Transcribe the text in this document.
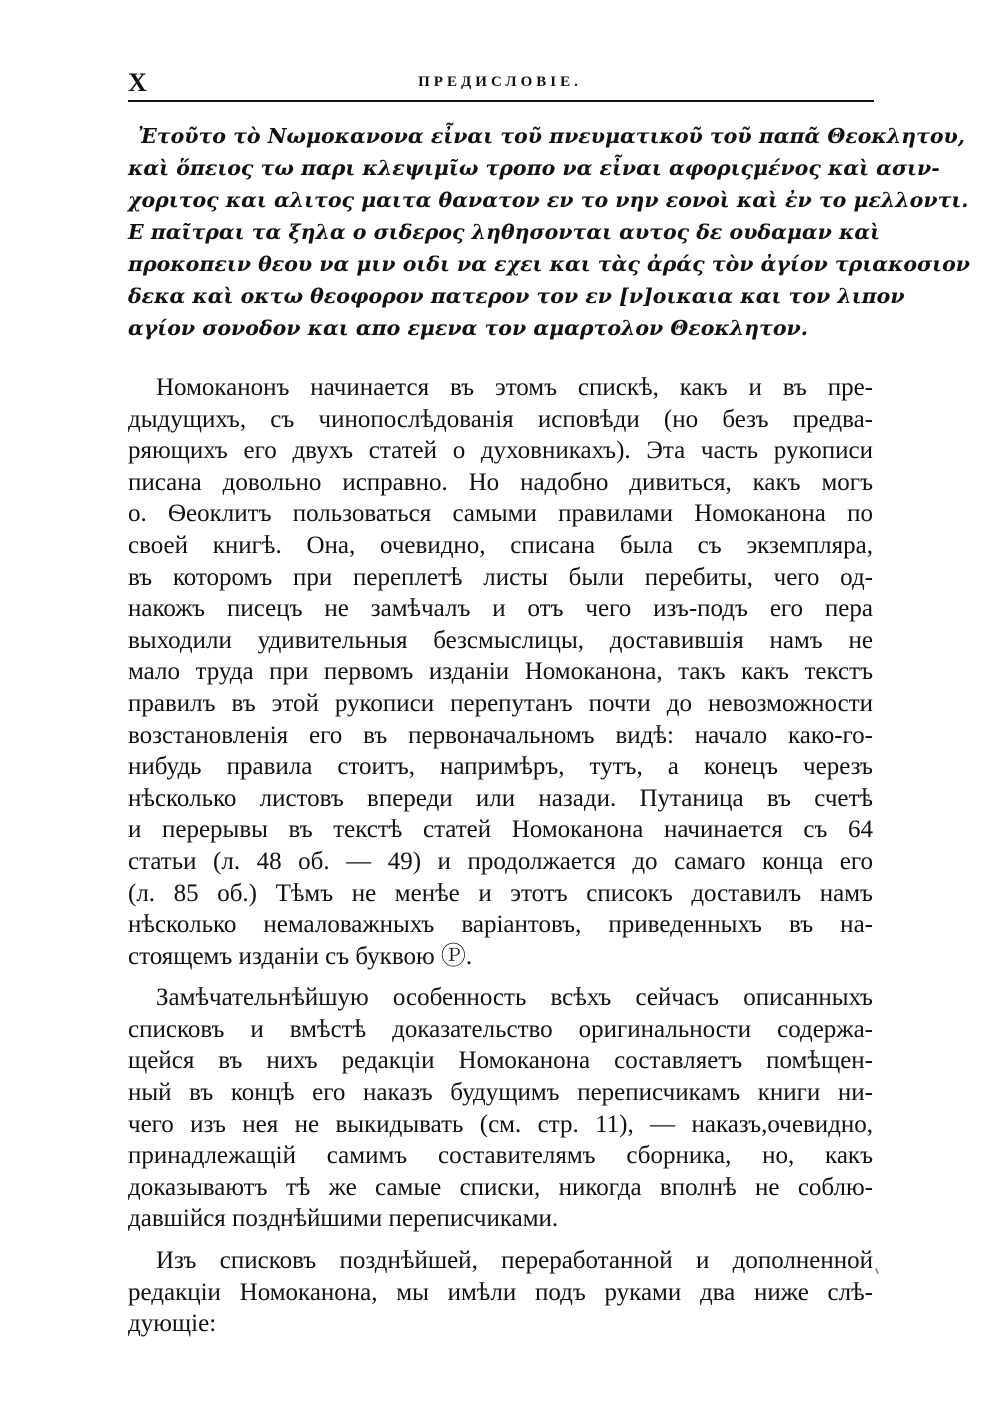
X	ПРЕДИСЛОВІЕ.
Ἐτοῦτο τὸ Νωμοκανονα εἶναι τοῦ πνευματικοῦ τοῦ παπᾶ Θεοκλητου,
καὶ ὅπειος τω παρι κλεψιμῖω τροπο να εἶναι αφοριςμένος καὶ ασιν-
χοριτος και αλιτος μαιτα θανατον εν το νην εονοὶ καὶ ἐν το μελλοντι.
Ε παῖτραι τα ξηλα ο σιδερος ληθησονται αυτος δε ουδαμαν καὶ
προκοπειν θεου να μιν οιδι να εχει και τὰς ἀράς τὸν ἀγίον τριακοσιον
δεκα καὶ οκτω θεοφορον πατερον τον εν [ν]οικαια και τον λιπον
αγίον σονοδον και απο εμενα τον αμαρτολον Θεοκλητον.
Номоканонъ начинается въ этомъ спискѣ, какъ и въ пре-
дыдущихъ, съ чинопослѣдованія исповѣди (но безъ предва-
ряющихъ его двухъ статей о духовникахъ). Эта часть рукописи
писана довольно исправно. Но надобно дивиться, какъ могъ
о. Ѳеоклитъ пользоваться самыми правилами Номоканона по
своей книгѣ. Она, очевидно, списана была съ экземпляра,
въ которомъ при переплетѣ листы были перебиты, чего од-
накожъ писецъ не замѣчалъ и отъ чего изъ-подъ его пера
выходили удивительныя безсмыслицы, доставившія намъ не
мало труда при первомъ изданіи Номоканона, такъ какъ текстъ
правилъ въ этой рукописи перепутанъ почти до невозможности
возстановленія его въ первоначальномъ видѣ: начало како-го-
нибудь правила стоитъ, напримѣръ, тутъ, а конецъ черезъ
нѣсколько листовъ впереди или назади. Путаница въ счетѣ
и перерывы въ текстѣ статей Номоканона начинается съ 64
статьи (л. 48 об. — 49) и продолжается до самаго конца его
(л. 85 об.) Тѣмъ не менѣе и этотъ списокъ доставилъ намъ
нѣсколько немаловажныхъ варіантовъ, приведенныхъ въ на-
стоящемъ изданіи съ буквою Ⓟ.
Замѣчательнѣйшую особенность всѣхъ сейчасъ описанныхъ
списковъ и вмѣстѣ доказательство оригинальности содержа-
щейся въ нихъ редакціи Номоканона составляетъ помѣщен-
ный въ концѣ его наказъ будущимъ переписчикамъ книги ни-
чего изъ нея не выкидывать (см. стр. 11), — наказъ,очевидно,
принадлежащій самимъ составителямъ сборника, но, какъ
доказываютъ тѣ же самые списки, никогда вполнѣ не соблю-
давшійся позднѣйшими переписчиками.
Изъ списковъ позднѣйшей, переработанной и дополненной
редакціи Номоканона, мы имѣли подъ руками два ниже слѣ-
дующіе:
